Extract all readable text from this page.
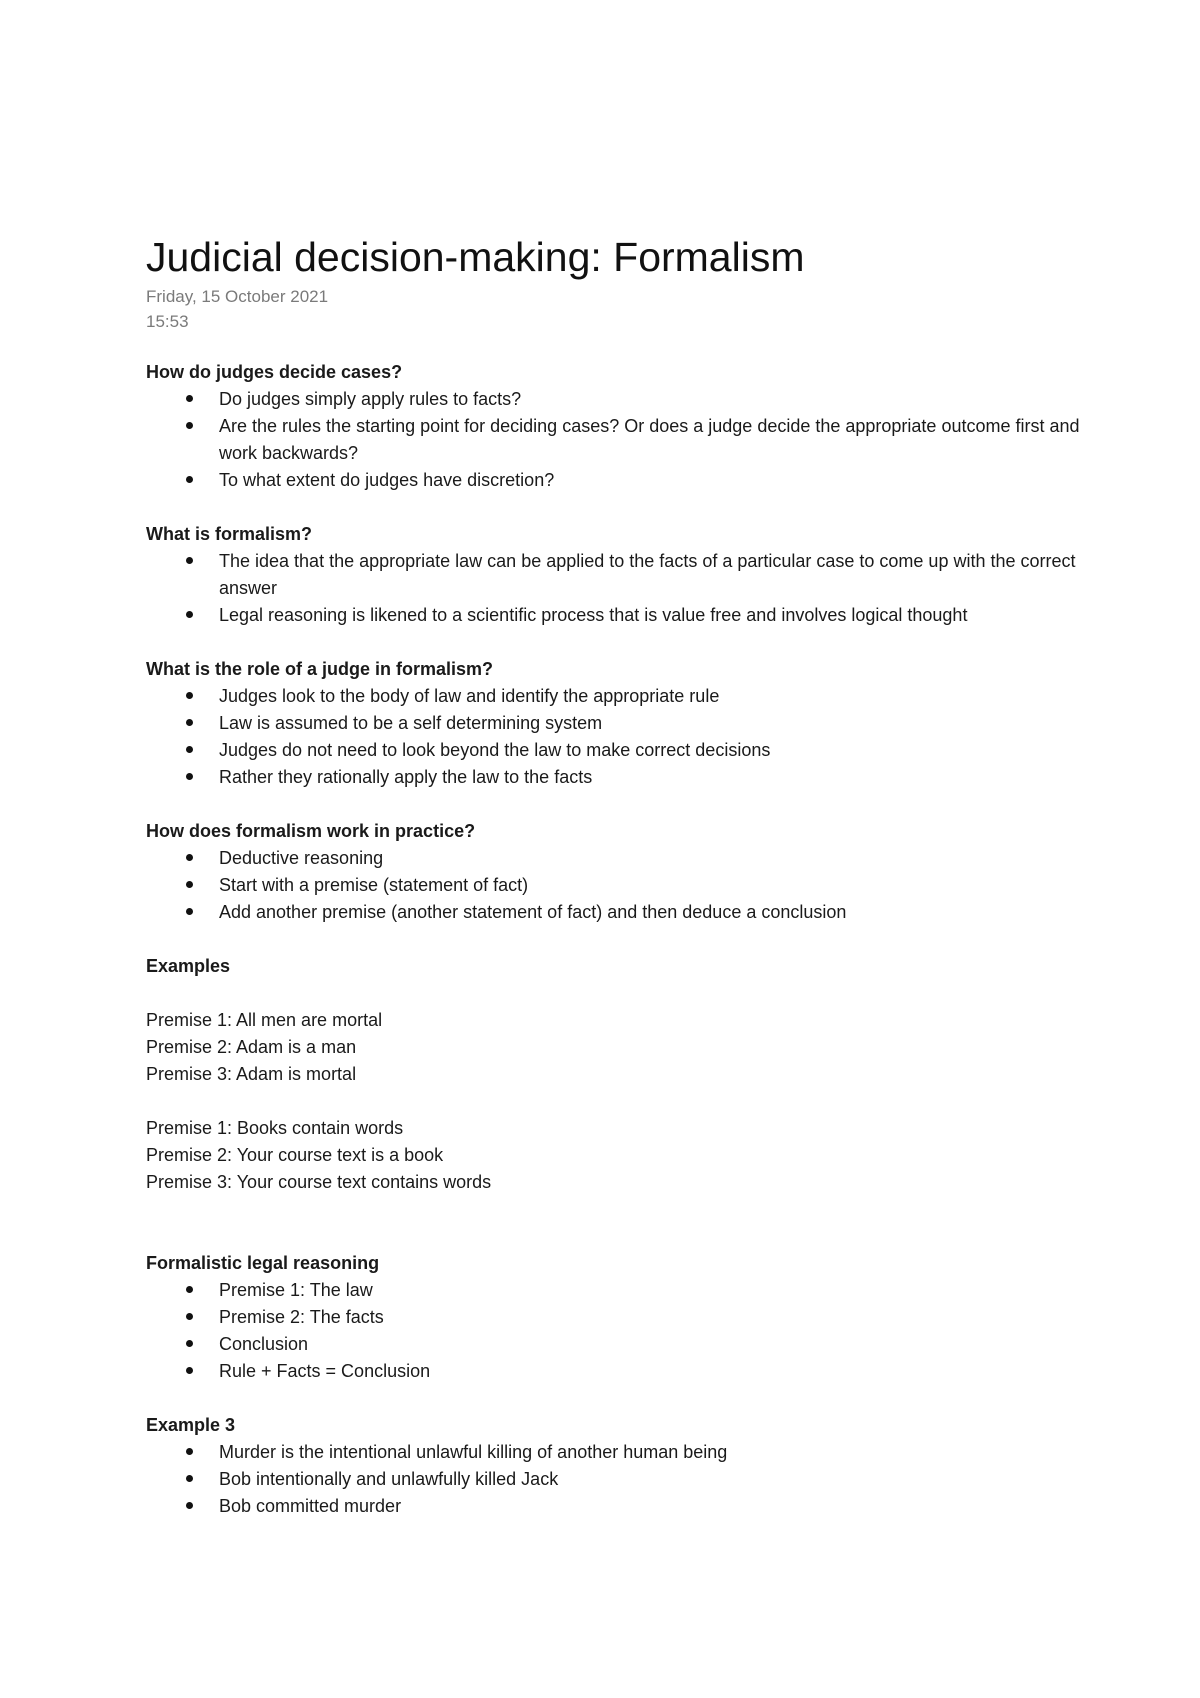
Judicial decision-making: Formalism

Friday, 15 October 2021

15:53

How do judges decide cases?

Do judges simply apply rules to facts?
Are the rules the starting point for deciding cases? Or does a judge decide the appropriate outcome first and work backwards?
To what extent do judges have discretion?

What is formalism?

The idea that the appropriate law can be applied to the facts of a particular case to come up with the correct answer
Legal reasoning is likened to a scientific process that is value free and involves logical thought

What is the role of a judge in formalism?

Judges look to the body of law and identify the appropriate rule
Law is assumed to be a self determining system
Judges do not need to look beyond the law to make correct decisions
Rather they rationally apply the law to the facts

How does formalism work in practice?

Deductive reasoning
Start with a premise (statement of fact)
Add another premise (another statement of fact) and then deduce a conclusion

Examples

Premise 1: All men are mortal

Premise 2: Adam is a man

Premise 3: Adam is mortal

Premise 1: Books contain words

Premise 2: Your course text is a book

Premise 3: Your course text contains words

Formalistic legal reasoning

Premise 1: The law
Premise 2: The facts
Conclusion
Rule + Facts = Conclusion

Example 3

Murder is the intentional unlawful killing of another human being
Bob intentionally and unlawfully killed Jack
Bob committed murder
